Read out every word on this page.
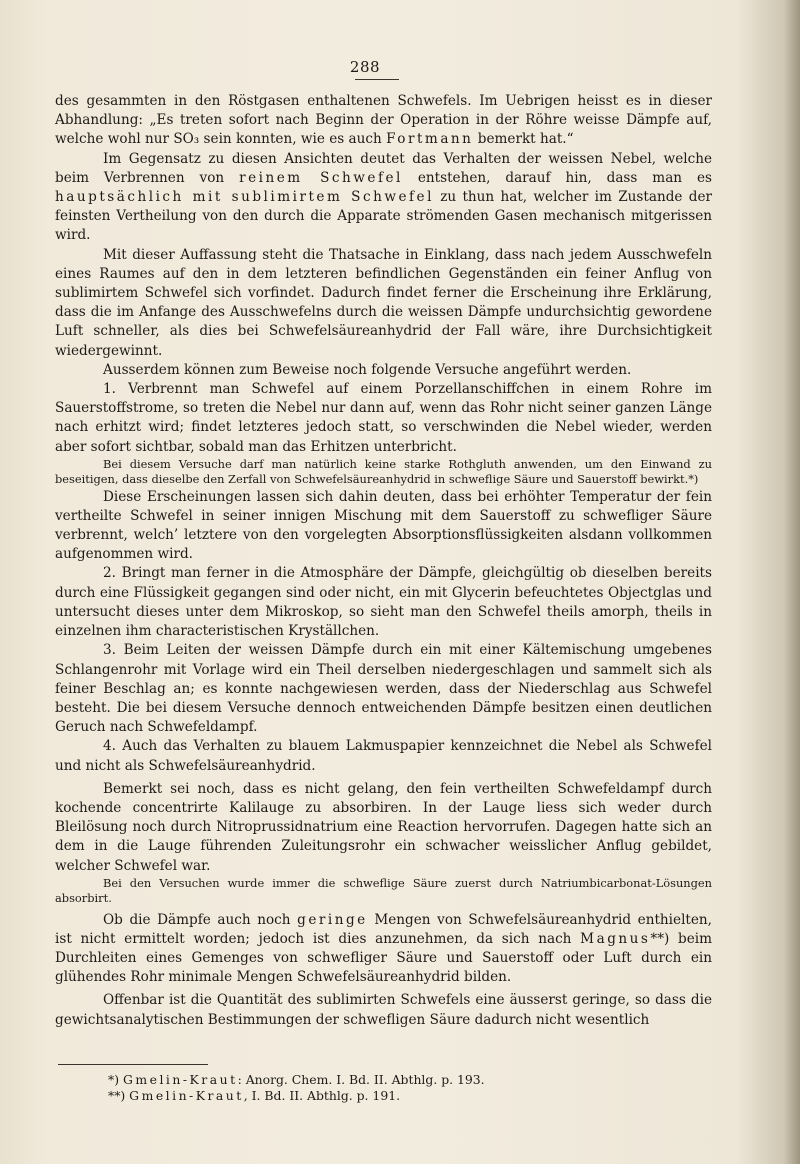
288

des gesammten in den Röstgasen enthaltenen Schwefels. Im Uebrigen heisst es in dieser Abhandlung: „Es treten sofort nach Beginn der Operation in der Röhre weisse Dämpfe auf, welche wohl nur SO₃ sein konnten, wie es auch Fortmann bemerkt hat.“

Im Gegensatz zu diesen Ansichten deutet das Verhalten der weissen Nebel, welche beim Verbrennen von reinem Schwefel entstehen, darauf hin, dass man es hauptsächlich mit sublimirtem Schwefel zu thun hat, welcher im Zustande der feinsten Vertheilung von den durch die Apparate strömenden Gasen mechanisch mitgerissen wird.

Mit dieser Auffassung steht die Thatsache in Einklang, dass nach jedem Ausschwefeln eines Raumes auf den in dem letzteren befindlichen Gegenständen ein feiner Anflug von sublimirtem Schwefel sich vorfindet. Dadurch findet ferner die Erscheinung ihre Erklärung, dass die im Anfange des Ausschwefelns durch die weissen Dämpfe undurchsichtig gewordene Luft schneller, als dies bei Schwefelsäureanhydrid der Fall wäre, ihre Durchsichtigkeit wiedergewinnt.

Ausserdem können zum Beweise noch folgende Versuche angeführt werden.

1. Verbrennt man Schwefel auf einem Porzellanschiffchen in einem Rohre im Sauerstoffstrome, so treten die Nebel nur dann auf, wenn das Rohr nicht seiner ganzen Länge nach erhitzt wird; findet letzteres jedoch statt, so verschwinden die Nebel wieder, werden aber sofort sichtbar, sobald man das Erhitzen unterbricht.

Bei diesem Versuche darf man natürlich keine starke Rothgluth anwenden, um den Einwand zu beseitigen, dass dieselbe den Zerfall von Schwefelsäureanhydrid in schweflige Säure und Sauerstoff bewirkt.*)

Diese Erscheinungen lassen sich dahin deuten, dass bei erhöhter Temperatur der fein vertheilte Schwefel in seiner innigen Mischung mit dem Sauerstoff zu schwefliger Säure verbrennt, welch’ letztere von den vorgelegten Absorptionsflüssigkeiten alsdann vollkommen aufgenommen wird.

2. Bringt man ferner in die Atmosphäre der Dämpfe, gleichgültig ob dieselben bereits durch eine Flüssigkeit gegangen sind oder nicht, ein mit Glycerin befeuchtetes Objectglas und untersucht dieses unter dem Mikroskop, so sieht man den Schwefel theils amorph, theils in einzelnen ihm characteristischen Kryställchen.

3. Beim Leiten der weissen Dämpfe durch ein mit einer Kältemischung umgebenes Schlangenrohr mit Vorlage wird ein Theil derselben niedergeschlagen und sammelt sich als feiner Beschlag an; es konnte nachgewiesen werden, dass der Niederschlag aus Schwefel besteht. Die bei diesem Versuche dennoch entweichenden Dämpfe besitzen einen deutlichen Geruch nach Schwefeldampf.

4. Auch das Verhalten zu blauem Lakmuspapier kennzeichnet die Nebel als Schwefel und nicht als Schwefelsäureanhydrid.

Bemerkt sei noch, dass es nicht gelang, den fein vertheilten Schwefeldampf durch kochende concentrirte Kalilauge zu absorbiren. In der Lauge liess sich weder durch Bleilösung noch durch Nitroprussidnatrium eine Reaction hervorrufen. Dagegen hatte sich an dem in die Lauge führenden Zuleitungsrohr ein schwacher weisslicher Anflug gebildet, welcher Schwefel war.

Bei den Versuchen wurde immer die schweflige Säure zuerst durch Natriumbicarbonat-Lösungen absorbirt.

Ob die Dämpfe auch noch geringe Mengen von Schwefelsäureanhydrid enthielten, ist nicht ermittelt worden; jedoch ist dies anzunehmen, da sich nach Magnus**) beim Durchleiten eines Gemenges von schwefliger Säure und Sauerstoff oder Luft durch ein glühendes Rohr minimale Mengen Schwefelsäureanhydrid bilden.

Offenbar ist die Quantität des sublimirten Schwefels eine äusserst geringe, so dass die gewichtsanalytischen Bestimmungen der schwefligen Säure dadurch nicht wesentlich

*) Gmelin-Kraut: Anorg. Chem. I. Bd. II. Abthlg. p. 193.
**) Gmelin-Kraut, I. Bd. II. Abthlg. p. 191.
